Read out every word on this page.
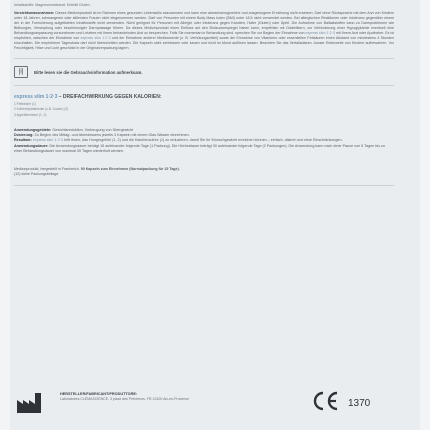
Inhaltsstoffe: Magnesiumstearat. Enthält Gluten.
Vorsichtsmassnahmen: Dieses Medizinprodukt ist im Rahmen eines gesunden Lebensstils anzuwenden und kann eine abwechslungsreiche und ausgewogene Ernährung nicht ersetzen. Darf ohne Rücksprache mit dem Arzt von Kindern unter 18 Jahren, schwangeren oder stillenden Frauen nicht eingenommen werden. Darf von Personen mit einem Body Mass Index (BMI) unter 18,5 nicht verwendet werden. Bei allergischen Reaktionen oder Intoleranz gegenüber einem der in der Formulierung aufgelisteten Inhaltsstoffe nicht verwenden. Nicht geeignet für Personen mit Allergie oder Intoleranz gegen Karotten, Hafer (Gluten) oder Äpfel. Die Aufnahme von Ballaststoffen kann zu Darmproblemen wie Blähungen, Verstopfung oder beschleunigter Darmpassage führen. Da dieses Medizinprodukt einen Einfluss auf den Blutzuckerspiegel haben kann, empfehlen wir Diabetikern, zur Verhinderung einer Hypoglykämie eventuell eine Behandlungsanpassung vorzunehmen und Letztere mit ihrem behandelnden Arzt zu besprechen. Falls Sie momentan in Behandlung sind, sprechen Sie vor Beginn der Einnahme von express slim 1·2·3 mit Ihrem Arzt oder Apotheker. Es ist empfohlen, zwischen der Einnahme von express slim 1·2·3 und der Einnahme anderer Medikamente (z. B. Verhütungsmittel) sowie der Einnahme von Vitaminen oder essentiellen Fettsäuren einen Abstand von mindestens 4 Stunden einzuhalten. Die empfohlene Tagesdosis darf nicht überschritten werden. Die Kapseln nicht zerbeissen oder kauen und nicht im Mund auflösen lassen. Beachten Sie das Verfallsdatum. Ausser Reichweite von Kindern aufbewahren. Vor Feuchtigkeit, Hitze und Licht geschützt in der Originalverpackung lagern.
[i]	Bitte lesen sie die Gebrauchsinformation aufmerksam.
express slim 1·2·3 – DREIFACHWIRKUNG GEGEN KALORIEN:
1 Fettbinder (1)
2 Kohlenhydratbinder (z.B. Zucker) (2)
3 Appetithemmer (1, 2)
Anwendungsgebiete: Gewichtsreduktion, Vorbeugung von Übergewicht
Dosierung: Zu Beginn des Mittag- und Abendessens jeweils 3 Kapseln mit einem Glas Wasser einnehmen.
Resultate: express slim 1·2·3 hilft Ihnen, das Hungergefühl (1, 2) und die Kalorienzufuhr (1) zu reduzieren, damit Sie Ihr Wunschgewicht erreichen können – einfach, diskret und ohne Einschränkungen.
Anwendungsdauer: Die Anwendungsdauer beträgt 15 aufeinander folgende Tage (1 Packung). Die Höchstdauer beträgt 30 aufeinander folgende Tage (2 Packungen). Die Anwendung kann nach einer Pause von 5 Tagen bis zu einer Behandlungsdauer von maximal 30 Tagen wiederholt werden.
Medizinprodukt, hergestellt in Frankreich. 90 Kapseln zum Einnehmen (Normalpackung für 15 Tage).
(12) siehe Packungsbeilage
HERSTELLER/FABRICANT/PRODUTTORE:
Laboratoires CLÉMASCIENCE, 3 place des Prêcheurs, FR-13100 Aix-en-Provence	1370
